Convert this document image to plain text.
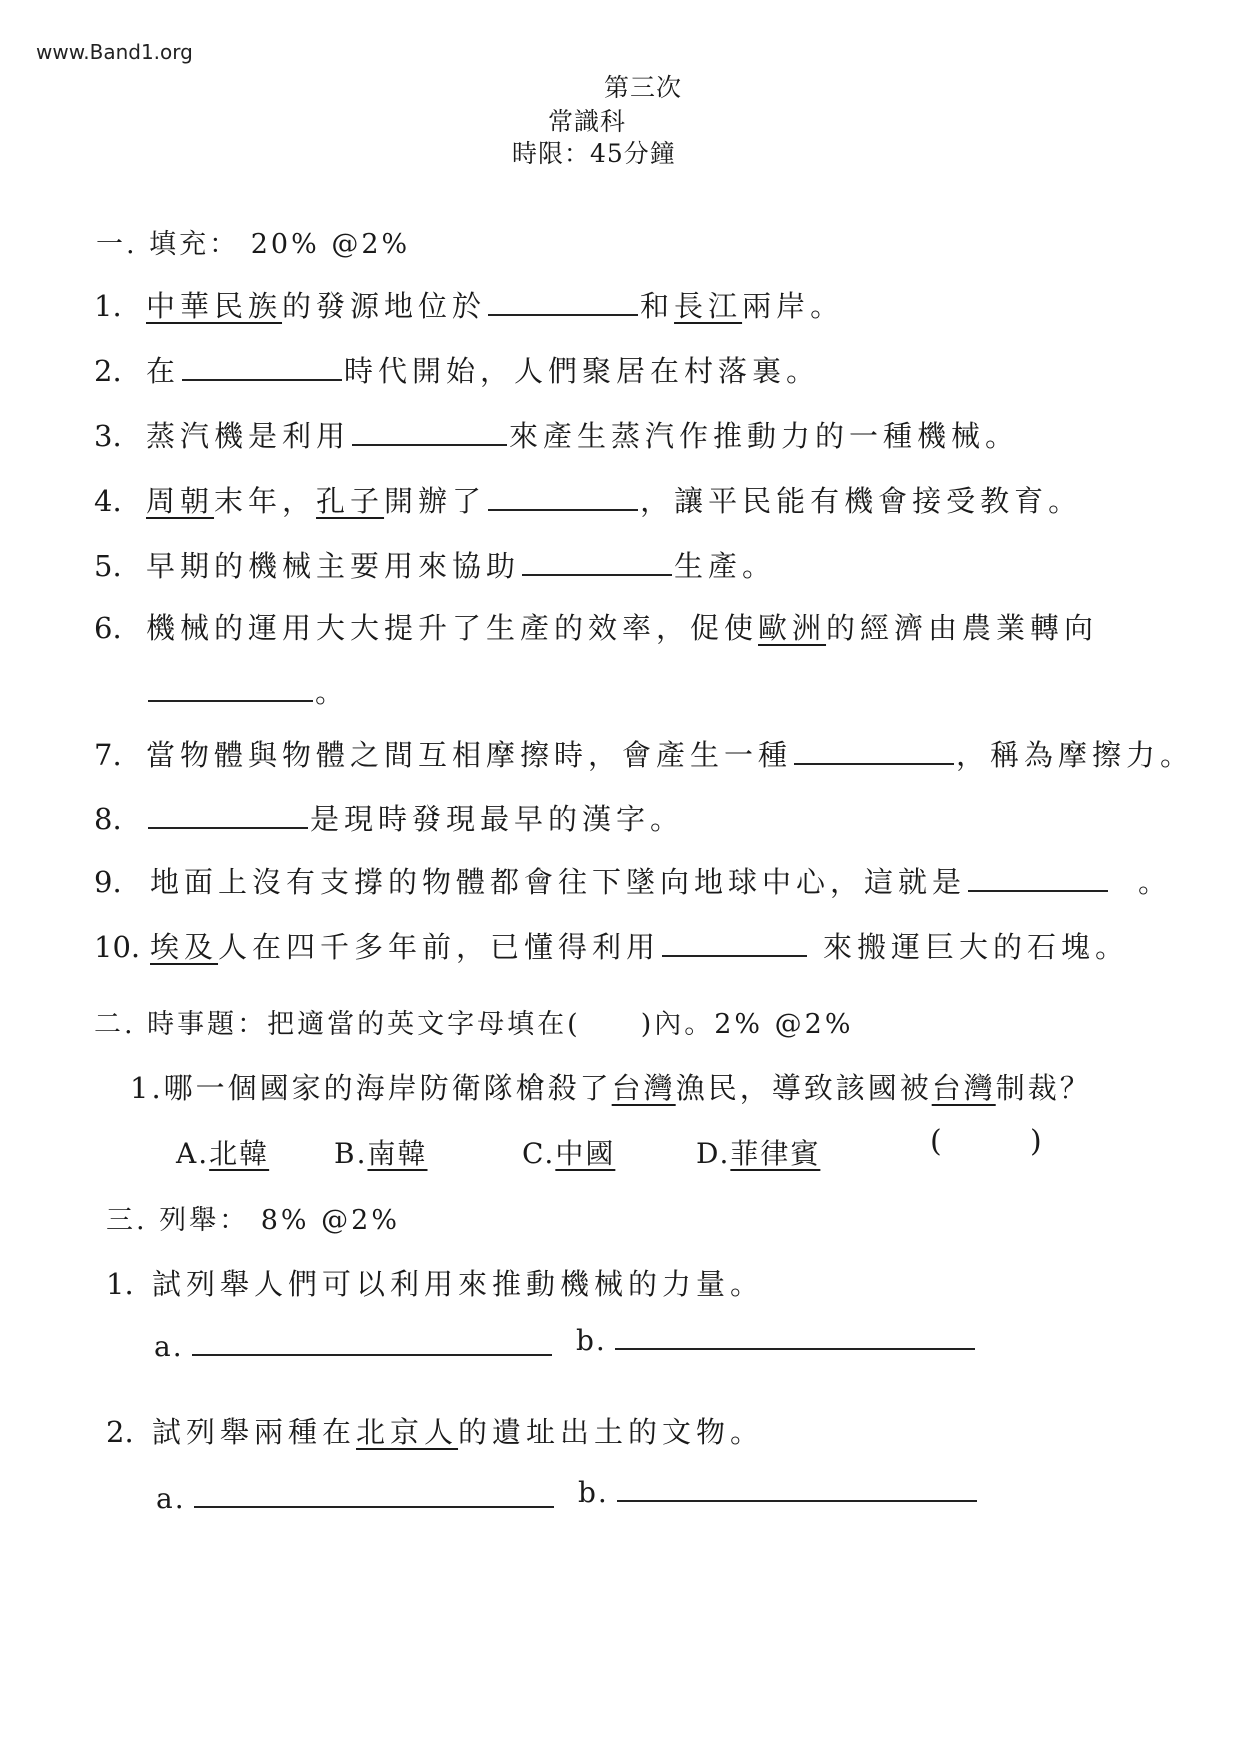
www.Band1.org
第三次
常識科
時限：45分鐘
一. 填充： 20% @2%
1. 中華民族的發源地位於	和長江兩岸。
2. 在	時代開始，人們聚居在村落裏。
3. 蒸汽機是利用	來產生蒸汽作推動力的一種機械。
4. 周朝末年，孔子開辦了	，讓平民能有機會接受教育。
5. 早期的機械主要用來協助	生產。
6. 機械的運用大大提升了生產的效率，促使歐洲的經濟由農業轉向
。
7. 當物體與物體之間互相摩擦時，會產生一種	，稱為摩擦力。
8.	是現時發現最早的漢字。
9. 地面上沒有支撐的物體都會往下墜向地球中心，這就是	。
10. 埃及人在四千多年前，已懂得利用	來搬運巨大的石塊。
二. 時事題：把適當的英文字母填在(　　)內。2% @2%
1.哪一個國家的海岸防衛隊槍殺了台灣漁民，導致該國被台灣制裁？
A.北韓 B.南韓	C.中國	D.菲律賓	(	)
三. 列舉： 8% @2%
1. 試列舉人們可以利用來推動機械的力量。
a.	b.
2. 試列舉兩種在北京人的遺址出土的文物。
a.	b.
